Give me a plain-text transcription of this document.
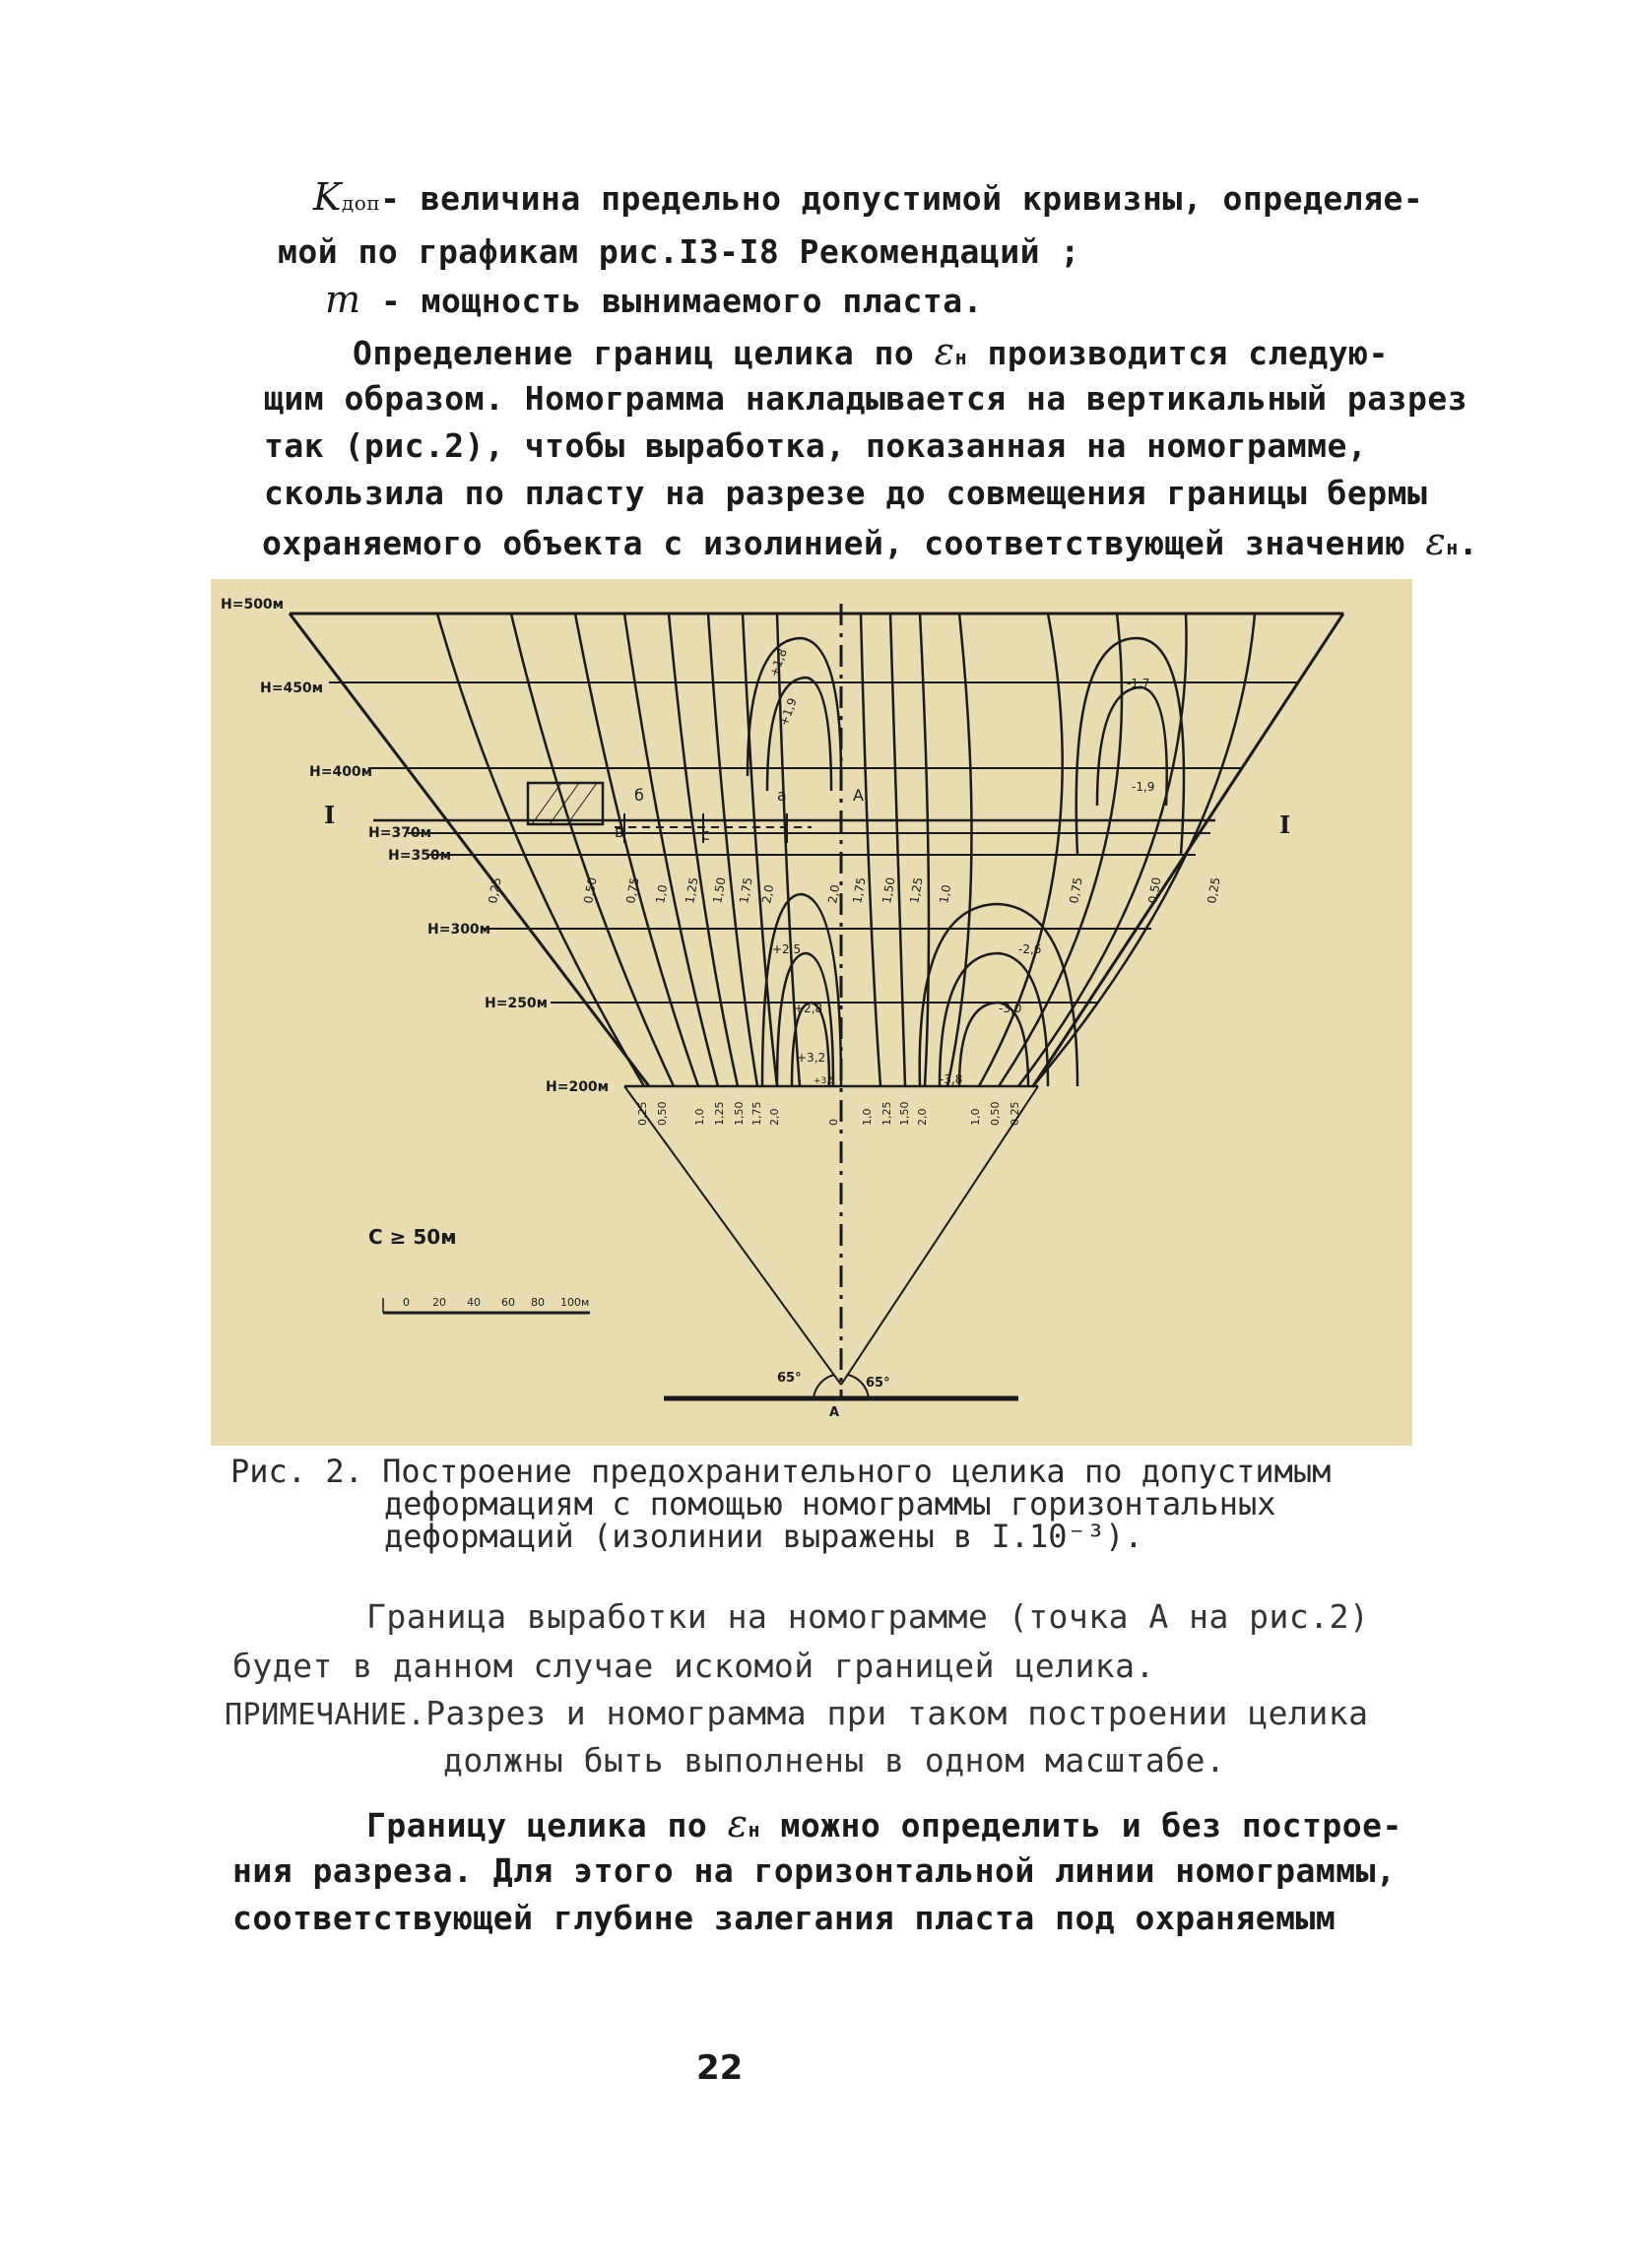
Kдоп- величина предельно допустимой кривизны, определяе-
мой по графикам рис.I3-I8 Рекомендаций ;
m - мощность вынимаемого пласта.
Определение границ целика по εн производится следую-
щим образом. Номограмма накладывается на вертикальный разрез
так (рис.2), чтобы выработка, показанная на номограмме,
скользила по пласту на разрезе до совмещения границы бермы
охраняемого объекта с изолинией, соответствующей значению εн.
H=500м
H=450м
H=400м
H=370м
H=350м
H=300м
H=250м
H=200м
I	I
a	A
в	c
б
0,25	0,50 0,75 1,0 1,25 1,50 1,75 2,0	2,0 1,75 1,50 1,25 1,0	0,75	0,50	0,25
0,25 0,50 1,0 1,25 1,50 1,75 2,0	0 1,0 1,25 1,50 2,0	1,0 0,50 0,25
+1,8
+1,9
+2,5
+2,8
+3,2
+3,5
-1,7
-1,9
-2,6
-3,0
-3,8
C ≥ 50м
0 20 40 60 80 100м
65°	65°
A
Рис. 2. Построение предохранительного целика по допустимым
деформациям с помощью номограммы горизонтальных
деформаций (изолинии выражены в I.10⁻³).
Граница выработки на номограмме (точка А на рис.2)
будет в данном случае искомой границей целика.
ПРИМЕЧАНИЕ.Разрез и номограмма при таком построении целика
должны быть выполнены в одном масштабе.
Границу целика по εн можно определить и без построе-
ния разреза. Для этого на горизонтальной линии номограммы,
соответствующей глубине залегания пласта под охраняемым
22
